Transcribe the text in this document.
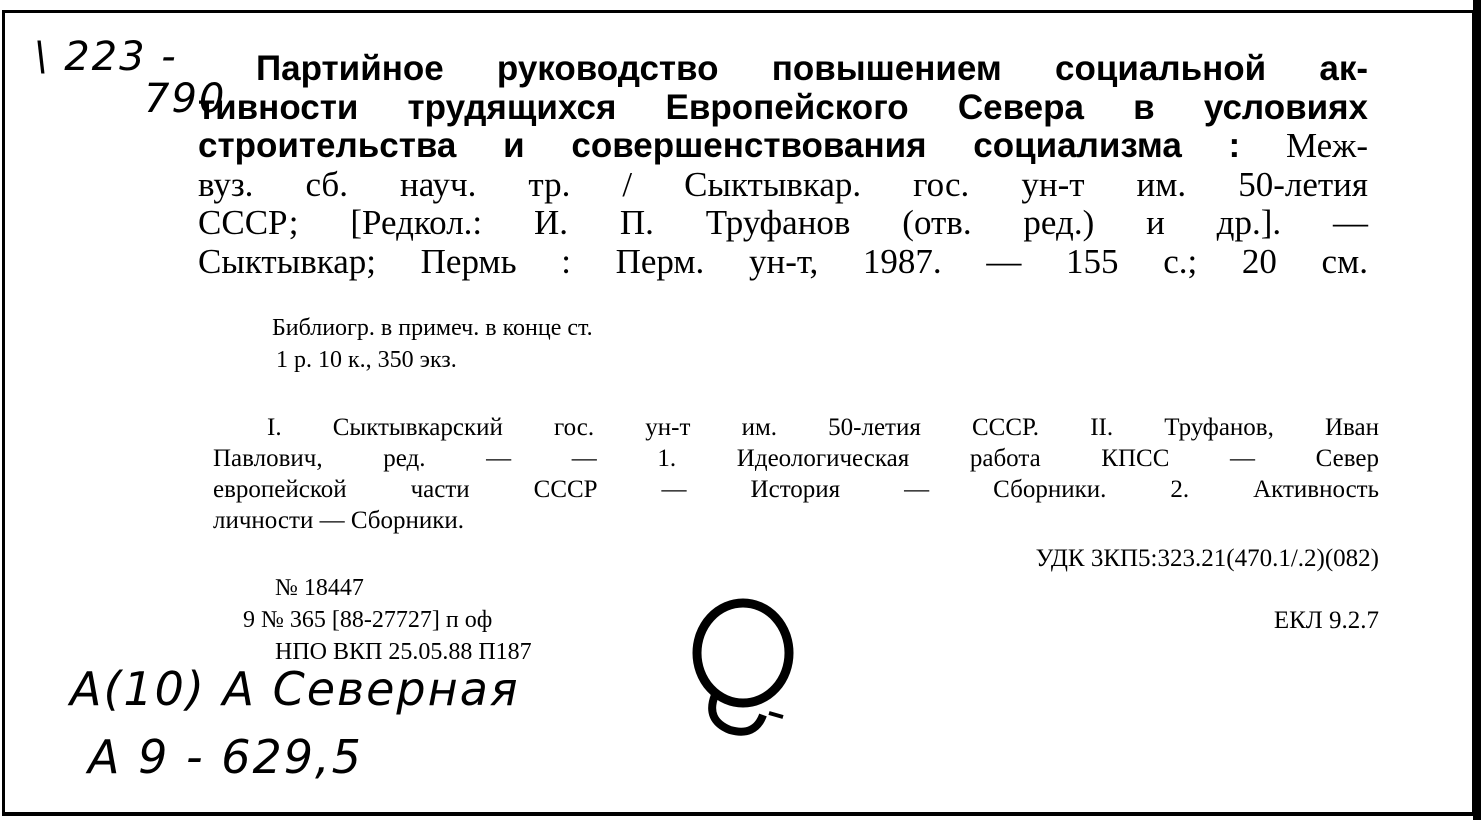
\ 223 -
790
Партийное руководство повышением социальной ак-
тивности трудящихся Европейского Севера в условиях
строительства и совершенствования социализма : Меж-
вуз. сб. науч. тр. / Сыктывкар. гос. ун-т им. 50-летия
СССР; [Редкол.: И. П. Труфанов (отв. ред.) и др.]. —
Сыктывкар; Пермь : Перм. ун-т, 1987. — 155 с.; 20 см.
Библиогр. в примеч. в конце ст.
1 р. 10 к., 350 экз.
I. Сыктывкарский гос. ун-т им. 50-летия СССР. II. Труфанов, Иван
Павлович, ред. — — 1. Идеологическая работа КПСС — Север
европейской части СССР — История — Сборники. 2. Активность
личности — Сборники.
УДК 3КП5:323.21(470.1/.2)(082)
ЕКЛ 9.2.7
№ 18447
9 № 365 [88-27727] п оф
НПО ВКП 25.05.88 П187
A(10) A Северная
A 9 - 629,5
